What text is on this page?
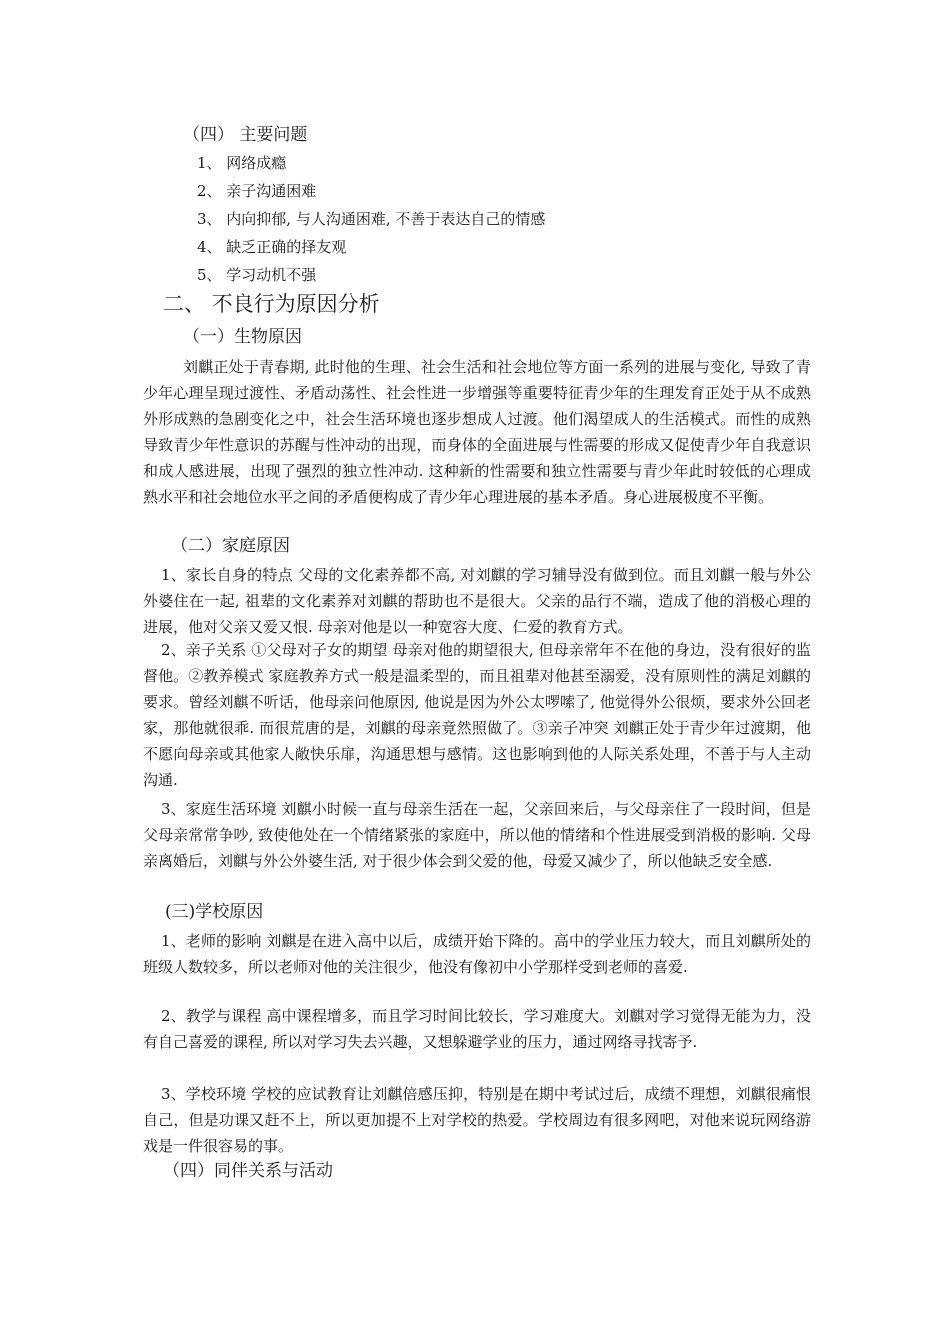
（四） 主要问题
1、 网络成瘾
2、 亲子沟通困难
3、 内向抑郁, 与人沟通困难, 不善于表达自己的情感
4、 缺乏正确的择友观
5、 学习动机不强
二、 不良行为原因分析
（一）生物原因

刘麒正处于青春期, 此时他的生理、社会生活和社会地位等方面一系列的进展与变化, 导致了青少年心理呈现过渡性、矛盾动荡性、社会性进一步增强等重要特征青少年的生理发育正处于从不成熟外形成熟的急剧变化之中，社会生活环境也逐步想成人过渡。他们渴望成人的生活模式。而性的成熟导致青少年性意识的苏醒与性冲动的出现，而身体的全面进展与性需要的形成又促使青少年自我意识和成人感进展，出现了强烈的独立性冲动. 这种新的性需要和独立性需要与青少年此时较低的心理成熟水平和社会地位水平之间的矛盾便构成了青少年心理进展的基本矛盾。身心进展极度不平衡。

（二）家庭原因

1、家长自身的特点 父母的文化素养都不高, 对刘麒的学习辅导没有做到位。而且刘麒一般与外公外婆住在一起, 祖辈的文化素养对刘麒的帮助也不是很大。父亲的品行不端，造成了他的消极心理的进展，他对父亲又爱又恨. 母亲对他是以一种宽容大度、仁爱的教育方式。

2、亲子关系 ①父母对子女的期望 母亲对他的期望很大, 但母亲常年不在他的身边，没有很好的监督他。②教养模式 家庭教养方式一般是温柔型的，而且祖辈对他甚至溺爱，没有原则性的满足刘麒的要求。曾经刘麒不听话，他母亲问他原因, 他说是因为外公太啰嗦了, 他觉得外公很烦，要求外公回老家，那他就很乖. 而很荒唐的是，刘麒的母亲竟然照做了。③亲子冲突 刘麒正处于青少年过渡期，他不愿向母亲或其他家人敞快乐扉，沟通思想与感情。这也影响到他的人际关系处理，不善于与人主动沟通.

3、家庭生活环境 刘麒小时候一直与母亲生活在一起，父亲回来后，与父母亲住了一段时间，但是父母亲常常争吵, 致使他处在一个情绪紧张的家庭中，所以他的情绪和个性进展受到消极的影响. 父母亲离婚后，刘麒与外公外婆生活, 对于很少体会到父爱的他，母爱又减少了，所以他缺乏安全感.

(三)学校原因

1、老师的影响 刘麒是在进入高中以后，成绩开始下降的。高中的学业压力较大，而且刘麒所处的班级人数较多，所以老师对他的关注很少，他没有像初中小学那样受到老师的喜爱.

2、教学与课程 高中课程增多，而且学习时间比较长，学习难度大。刘麒对学习觉得无能为力，没有自己喜爱的课程, 所以对学习失去兴趣，又想躲避学业的压力，通过网络寻找寄予.

3、学校环境 学校的应试教育让刘麒倍感压抑，特别是在期中考试过后，成绩不理想，刘麒很痛恨自己，但是功课又赶不上，所以更加提不上对学校的热爱。学校周边有很多网吧，对他来说玩网络游戏是一件很容易的事。

（四）同伴关系与活动
